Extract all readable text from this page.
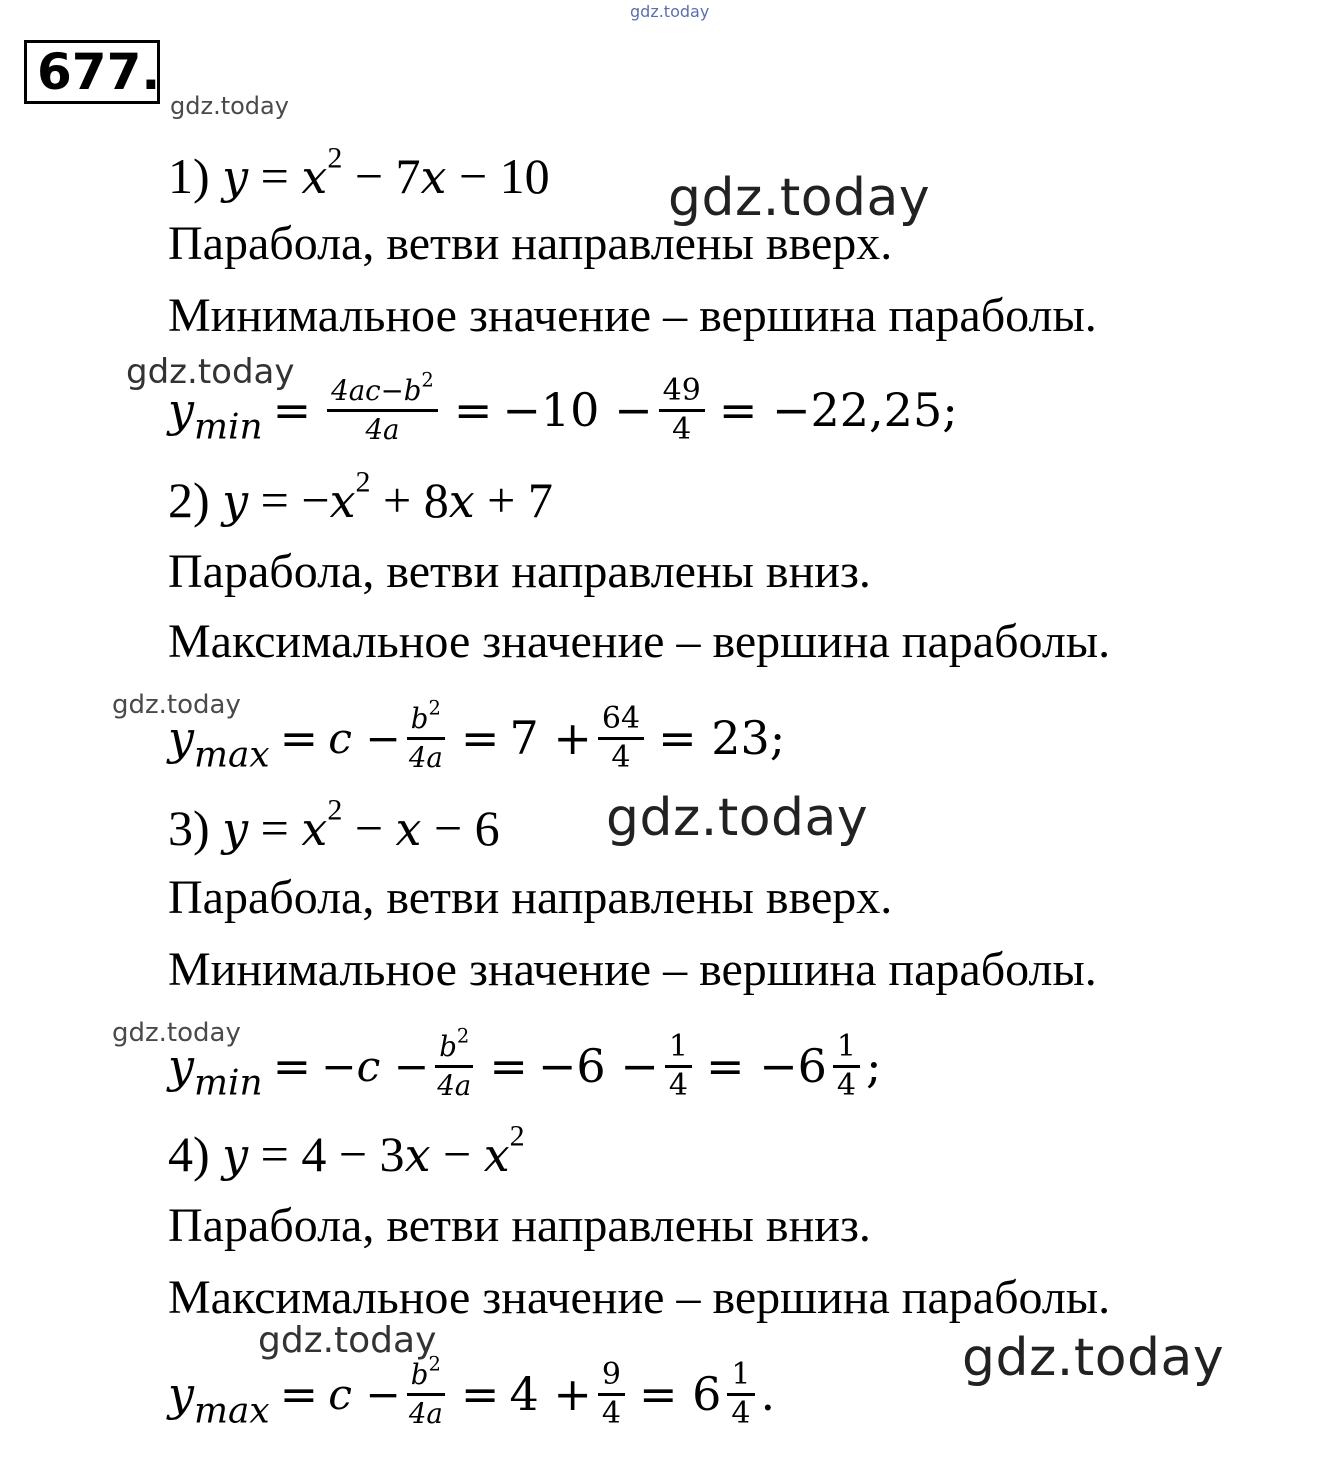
gdz.today
gdz.today
gdz.today
gdz.today
gdz.today
gdz.today
gdz.today
gdz.today	gdz.today
677.
1) $y = x^2 - 7x - 10$
Парабола, ветви направлены вверх.
Минимальное значение – вершина параболы.
$y_{min} = \frac{4ac-b^2}{4a} = -10 - \frac{49}{4} = -22,25$;
2) $y = -x^2 + 8x + 7$
Парабола, ветви направлены вниз.
Максимальное значение – вершина параболы.
$y_{max} = c - \frac{b^2}{4a} = 7 + \frac{64}{4} = 23$;
3) $y = x^2 - x - 6$
Парабола, ветви направлены вверх.
Минимальное значение – вершина параболы.
$y_{min} = -c - \frac{b^2}{4a} = -6 - \frac{1}{4} = -6 \frac{1}{4}$ ;
4) $y = 4 - 3x - x^2$
Парабола, ветви направлены вниз.
Максимальное значение – вершина параболы.
$y_{max} = c - \frac{b^2}{4a} = 4 + \frac{9}{4} = 6 \frac{1}{4}$ .
